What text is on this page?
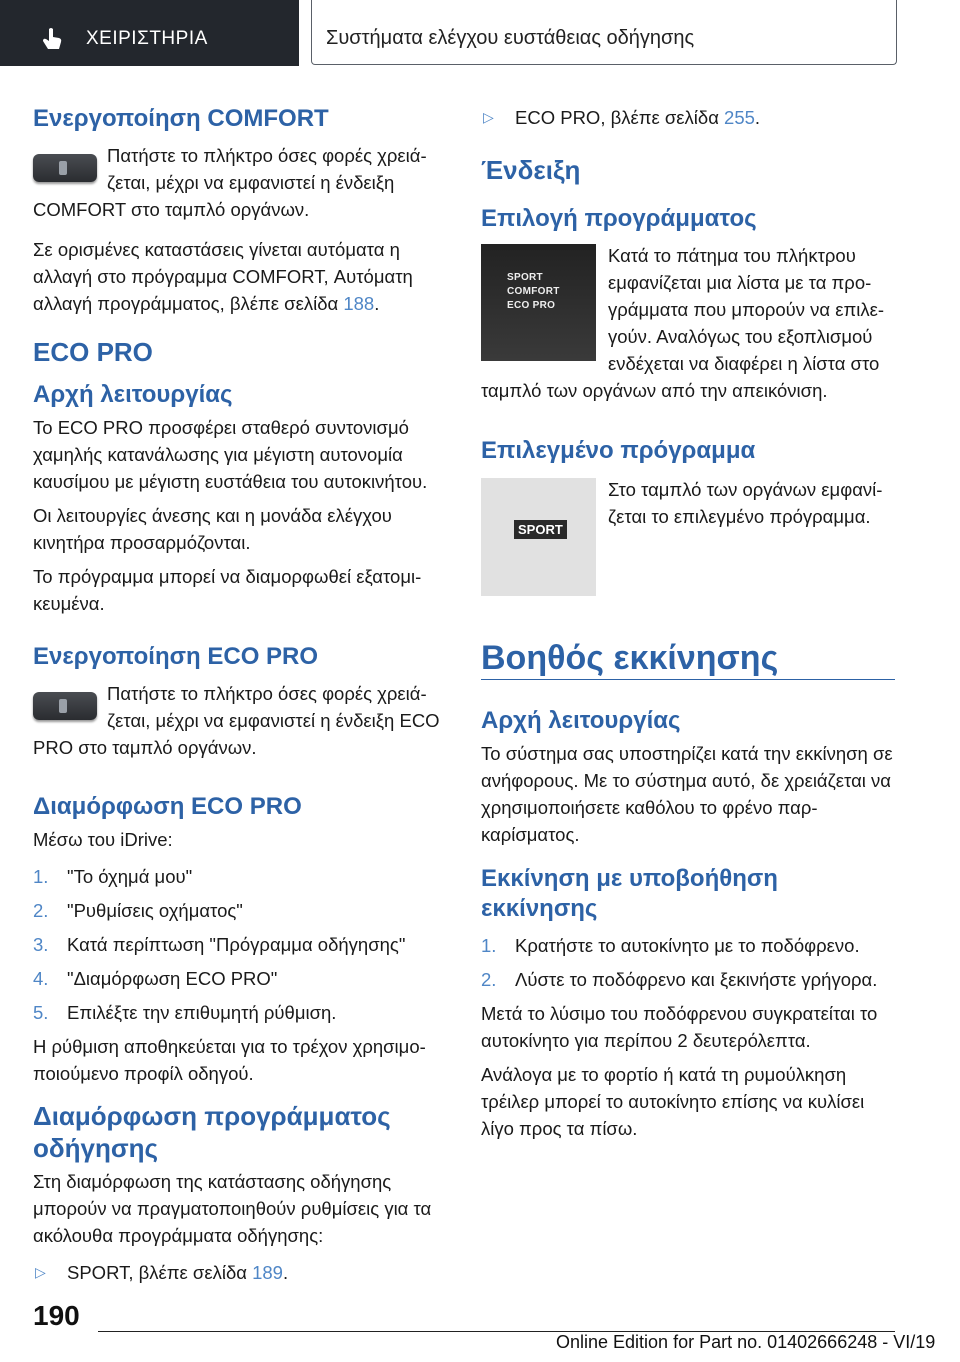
ΧΕΙΡΙΣΤΗΡΙΑ	Συστήματα ελέγχου ευστάθειας οδήγησης
Ενεργοποίηση COMFORT

Πατήστε το πλήκτρο όσες φορές χρειάζεται, μέχρι να εμφανιστεί η ένδειξη COMFORT στο ταμπλό οργάνων.

Σε ορισμένες καταστάσεις γίνεται αυτόματα η αλλαγή στο πρόγραμμα COMFORT, Αυτόματη αλλαγή προγράμματος, βλέπε σελίδα 188.

ECO PRO
Αρχή λειτουργίας

Το ECO PRO προσφέρει σταθερό συντονισμό χαμηλής κατανάλωσης για μέγιστη αυτονομία καυσίμου με μέγιστη ευστάθεια του αυτοκινήτου.

Οι λειτουργίες άνεσης και η μονάδα ελέγχου κινητήρα προσαρμόζονται.

Το πρόγραμμα μπορεί να διαμορφωθεί εξατομικευμένα.

Ενεργοποίηση ECO PRO

Πατήστε το πλήκτρο όσες φορές χρειάζεται, μέχρι να εμφανιστεί η ένδειξη ECO PRO στο ταμπλό οργάνων.

Διαμόρφωση ECO PRO

Μέσω του iDrive:

1. "Το όχημά μου"

2. "Ρυθμίσεις οχήματος"

3. Κατά περίπτωση "Πρόγραμμα οδήγησης"

4. "Διαμόρφωση ECO PRO"

5. Επιλέξτε την επιθυμητή ρύθμιση.

Η ρύθμιση αποθηκεύεται για το τρέχον χρησιμοποιούμενο προφίλ οδηγού.

Διαμόρφωση προγράμματος οδήγησης

Στη διαμόρφωση της κατάστασης οδήγησης μπορούν να πραγματοποιηθούν ρυθμίσεις για τα ακόλουθα προγράμματα οδήγησης:

▷ SPORT, βλέπε σελίδα 189.

▷ ECO PRO, βλέπε σελίδα 255.

Ένδειξη
Επιλογή προγράμματος
SPORT
COMFORT
ECO PRO

Κατά το πάτημα του πλήκτρου εμφανίζεται μια λίστα με τα προγράμματα που μπορούν να επιλεγούν. Αναλόγως του εξοπλισμού ενδέχεται να διαφέρει η λίστα στο ταμπλό των οργάνων από την απεικόνιση.

Επιλεγμένο πρόγραμμα
SPORT

Στο ταμπλό των οργάνων εμφανίζεται το επιλεγμένο πρόγραμμα.

Βοηθός εκκίνησης
Αρχή λειτουργίας

Το σύστημα σας υποστηρίζει κατά την εκκίνηση σε ανήφορους. Με το σύστημα αυτό, δε χρειάζεται να χρησιμοποιήσετε καθόλου το φρένο παρκαρίσματος.

Εκκίνηση με υποβοήθηση εκκίνησης

1. Κρατήστε το αυτοκίνητο με το ποδόφρενο.

2. Λύστε το ποδόφρενο και ξεκινήστε γρήγορα.

Μετά το λύσιμο του ποδόφρενου συγκρατείται το αυτοκίνητο για περίπου 2 δευτερόλεπτα.

Ανάλογα με το φορτίο ή κατά τη ρυμούλκηση τρέιλερ μπορεί το αυτοκίνητο επίσης να κυλίσει λίγο προς τα πίσω.

190
Online Edition for Part no. 01402666248 - VI/19
